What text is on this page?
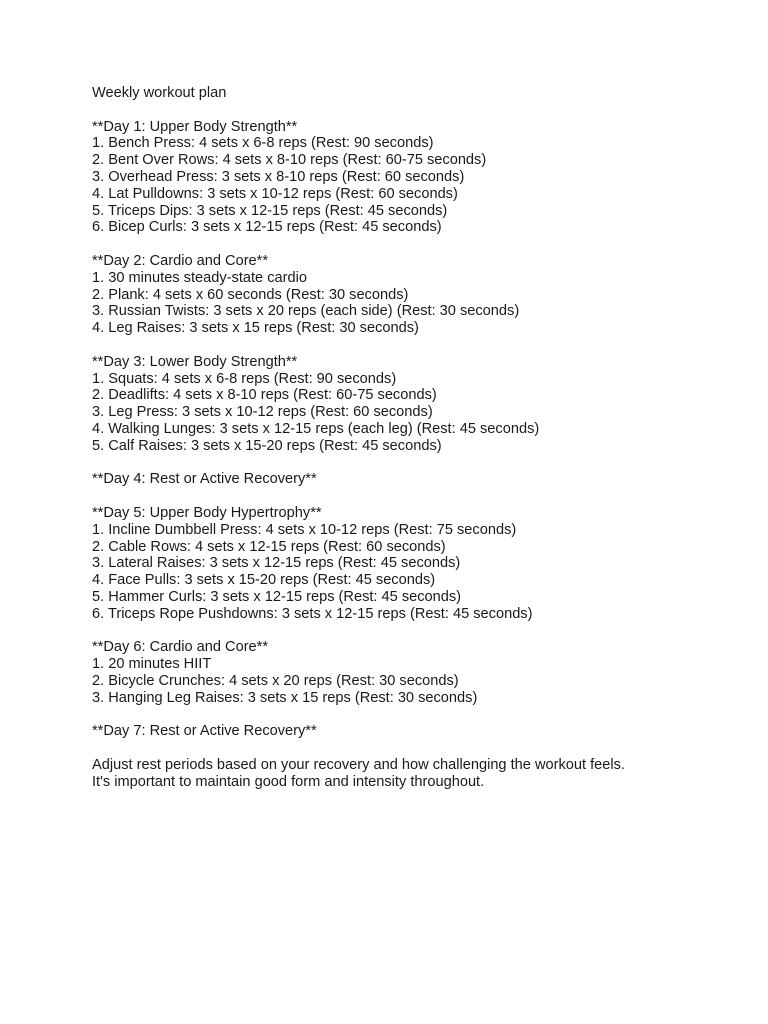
Weekly workout plan
**Day 1: Upper Body Strength**
1. Bench Press: 4 sets x 6-8 reps (Rest: 90 seconds)
2. Bent Over Rows: 4 sets x 8-10 reps (Rest: 60-75 seconds)
3. Overhead Press: 3 sets x 8-10 reps (Rest: 60 seconds)
4. Lat Pulldowns: 3 sets x 10-12 reps (Rest: 60 seconds)
5. Triceps Dips: 3 sets x 12-15 reps (Rest: 45 seconds)
6. Bicep Curls: 3 sets x 12-15 reps (Rest: 45 seconds)
**Day 2: Cardio and Core**
1. 30 minutes steady-state cardio
2. Plank: 4 sets x 60 seconds (Rest: 30 seconds)
3. Russian Twists: 3 sets x 20 reps (each side) (Rest: 30 seconds)
4. Leg Raises: 3 sets x 15 reps (Rest: 30 seconds)
**Day 3: Lower Body Strength**
1. Squats: 4 sets x 6-8 reps (Rest: 90 seconds)
2. Deadlifts: 4 sets x 8-10 reps (Rest: 60-75 seconds)
3. Leg Press: 3 sets x 10-12 reps (Rest: 60 seconds)
4. Walking Lunges: 3 sets x 12-15 reps (each leg) (Rest: 45 seconds)
5. Calf Raises: 3 sets x 15-20 reps (Rest: 45 seconds)
**Day 4: Rest or Active Recovery**
**Day 5: Upper Body Hypertrophy**
1. Incline Dumbbell Press: 4 sets x 10-12 reps (Rest: 75 seconds)
2. Cable Rows: 4 sets x 12-15 reps (Rest: 60 seconds)
3. Lateral Raises: 3 sets x 12-15 reps (Rest: 45 seconds)
4. Face Pulls: 3 sets x 15-20 reps (Rest: 45 seconds)
5. Hammer Curls: 3 sets x 12-15 reps (Rest: 45 seconds)
6. Triceps Rope Pushdowns: 3 sets x 12-15 reps (Rest: 45 seconds)
**Day 6: Cardio and Core**
1. 20 minutes HIIT
2. Bicycle Crunches: 4 sets x 20 reps (Rest: 30 seconds)
3. Hanging Leg Raises: 3 sets x 15 reps (Rest: 30 seconds)
**Day 7: Rest or Active Recovery**
Adjust rest periods based on your recovery and how challenging the workout feels.
It's important to maintain good form and intensity throughout.
